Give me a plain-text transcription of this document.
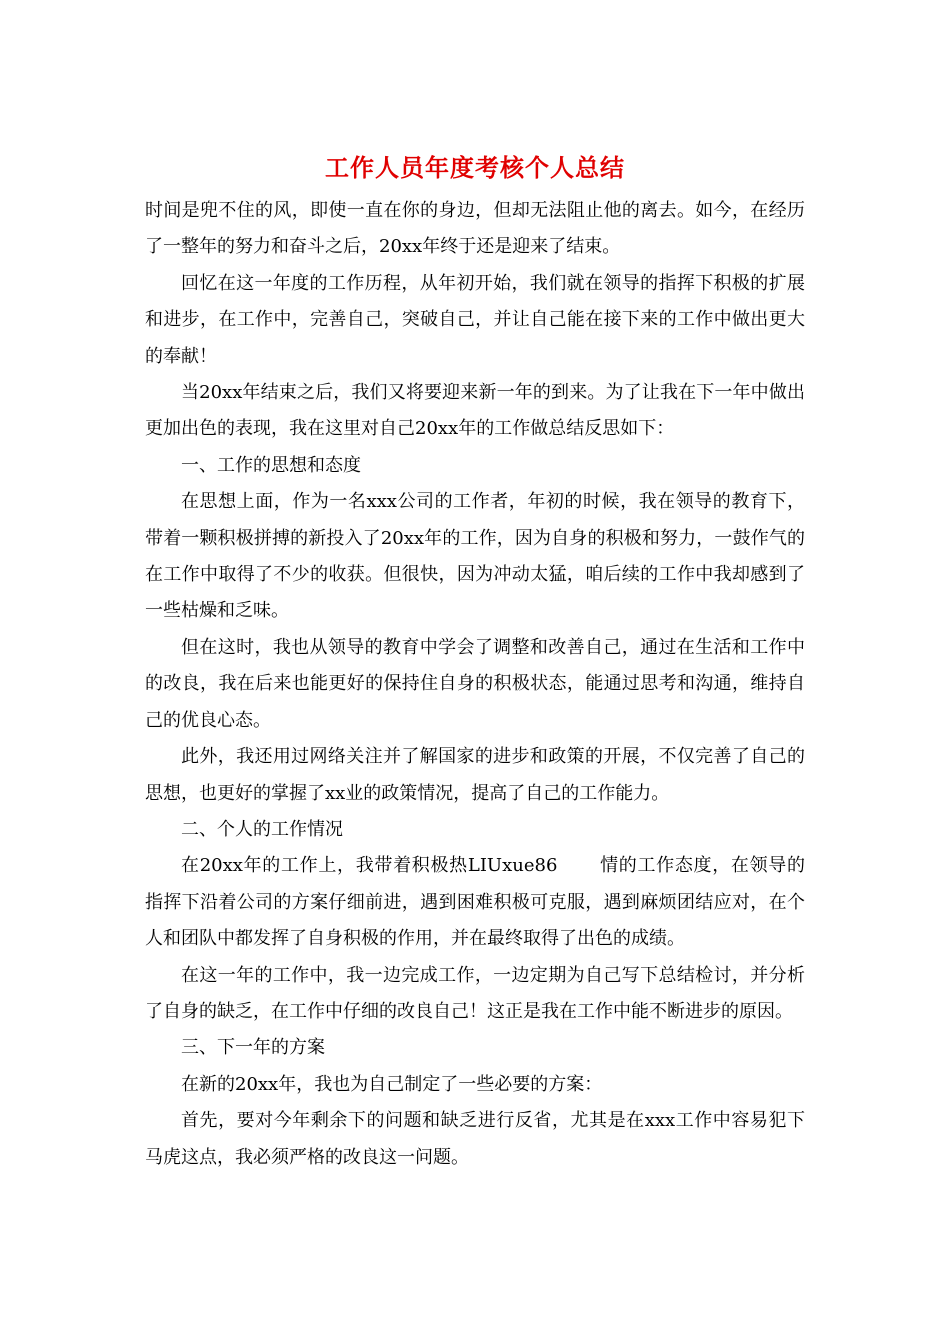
工作人员年度考核个人总结

时间是兜不住的风，即使一直在你的身边，但却无法阻止他的离去。如今，在经历了一整年的努力和奋斗之后，20xx年终于还是迎来了结束。

回忆在这一年度的工作历程，从年初开始，我们就在领导的指挥下积极的扩展和进步，在工作中，完善自己，突破自己，并让自己能在接下来的工作中做出更大的奉献！

当20xx年结束之后，我们又将要迎来新一年的到来。为了让我在下一年中做出更加出色的表现，我在这里对自己20xx年的工作做总结反思如下：

一、工作的思想和态度

在思想上面，作为一名xxx公司的工作者，年初的时候，我在领导的教育下，带着一颗积极拼搏的新投入了20xx年的工作，因为自身的积极和努力，一鼓作气的在工作中取得了不少的收获。但很快，因为冲动太猛，咱后续的工作中我却感到了一些枯燥和乏味。

但在这时，我也从领导的教育中学会了调整和改善自己，通过在生活和工作中的改良，我在后来也能更好的保持住自身的积极状态，能通过思考和沟通，维持自己的优良心态。

此外，我还用过网络关注并了解国家的进步和政策的开展，不仅完善了自己的思想，也更好的掌握了xx业的政策情况，提高了自己的工作能力。

二、个人的工作情况

在20xx年的工作上，我带着积极热LIUxue86 情的工作态度，在领导的指挥下沿着公司的方案仔细前进，遇到困难积极可克服，遇到麻烦团结应对，在个人和团队中都发挥了自身积极的作用，并在最终取得了出色的成绩。

在这一年的工作中，我一边完成工作，一边定期为自己写下总结检讨，并分析了自身的缺乏，在工作中仔细的改良自己！这正是我在工作中能不断进步的原因。

三、下一年的方案

在新的20xx年，我也为自己制定了一些必要的方案：

首先，要对今年剩余下的问题和缺乏进行反省，尤其是在xxx工作中容易犯下马虎这点，我必须严格的改良这一问题。
